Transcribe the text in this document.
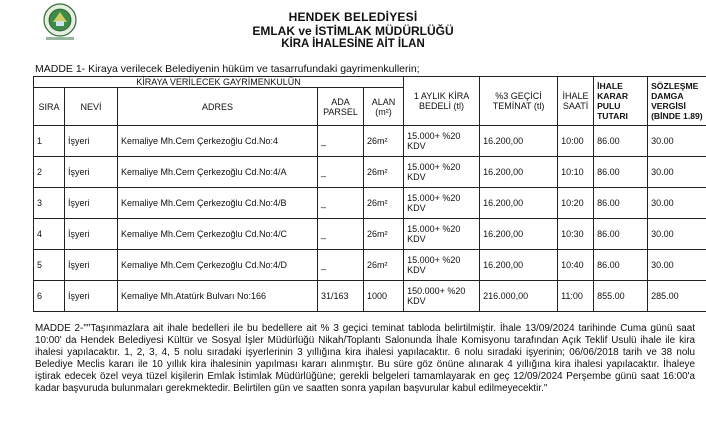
HENDEK BELEDİYESİ
EMLAK ve İSTİMLAK MÜDÜRLÜĞÜ
KİRA İHALESİNE AİT İLAN
MADDE 1- Kiraya verilecek Belediyenin hüküm ve tasarrufundaki gayrimenkullerin;
KİRAYA VERİLECEK GAYRİMENKULÜN					1 AYLIK KİRA BEDELİ (tl)	%3 GEÇİCİ TEMİNAT (tl)	İHALE SAATİ	İHALE KARAR PULU TUTARI	SÖZLEŞME DAMGA VERGİSİ (BİNDE 1.89)
SIRA	NEVİ	ADRES	ADA PARSEL	ALAN (m²)					
1	İşyeri	Kemaliye Mh.Cem Çerkezoğlu Cd.No:4	_	26m²	15.000+ %20 KDV	16.200,00	10:00	86.00	30.00
2	İşyeri	Kemaliye Mh.Cem Çerkezoğlu Cd.No:4/A	_	26m²	15.000+ %20 KDV	16.200,00	10:10	86.00	30.00
3	İşyeri	Kemaliye Mh.Cem Çerkezoğlu Cd.No:4/B	_	26m²	15.000+ %20 KDV	16.200,00	10:20	86.00	30.00
4	İşyeri	Kemaliye Mh.Cem Çerkezoğlu Cd.No:4/C	_	26m²	15.000+ %20 KDV	16.200,00	10:30	86.00	30.00
5	İşyeri	Kemaliye Mh.Cem Çerkezoğlu Cd.No:4/D	_	26m²	15.000+ %20 KDV	16.200,00	10:40	86.00	30.00
6	İşyeri	Kemaliye Mh.Atatürk Bulvarı No:166	31/163	1000	150.000+ %20 KDV	216.000,00	11:00	855.00	285.00
MADDE 2-""Taşınmazlara ait ihale bedelleri ile bu bedellere ait % 3 geçici teminat tabloda belirtilmiştir. İhale 13/09/2024 tarihinde Cuma günü saat 10:00' da Hendek Belediyesi Kültür ve Sosyal İşler Müdürlüğü Nikah/Toplantı Salonunda İhale Komisyonu tarafından Açık Teklif Usulü ihale ile kira ihalesi yapılacaktır. 1, 2, 3, 4, 5 nolu sıradaki işyerlerinin 3 yıllığına kira ihalesi yapılacaktır. 6 nolu sıradaki işyerinin; 06/06/2018 tarih ve 38 nolu Belediye Meclis kararı ile 10 yıllık kira ihalesinin yapılması kararı alınmıştır. Bu süre göz önüne alınarak 4 yıllığına kira ihalesi yapılacaktır. İhaleye iştirak edecek özel veya tüzel kişilerin Emlak İstimlak Müdürlüğüne; gerekli belgeleri tamamlayarak en geç 12/09/2024 Perşembe günü saat 16:00'a kadar başvuruda bulunmaları gerekmektedir. Belirtilen gün ve saatten sonra yapılan başvurular kabul edilmeyecektir."
